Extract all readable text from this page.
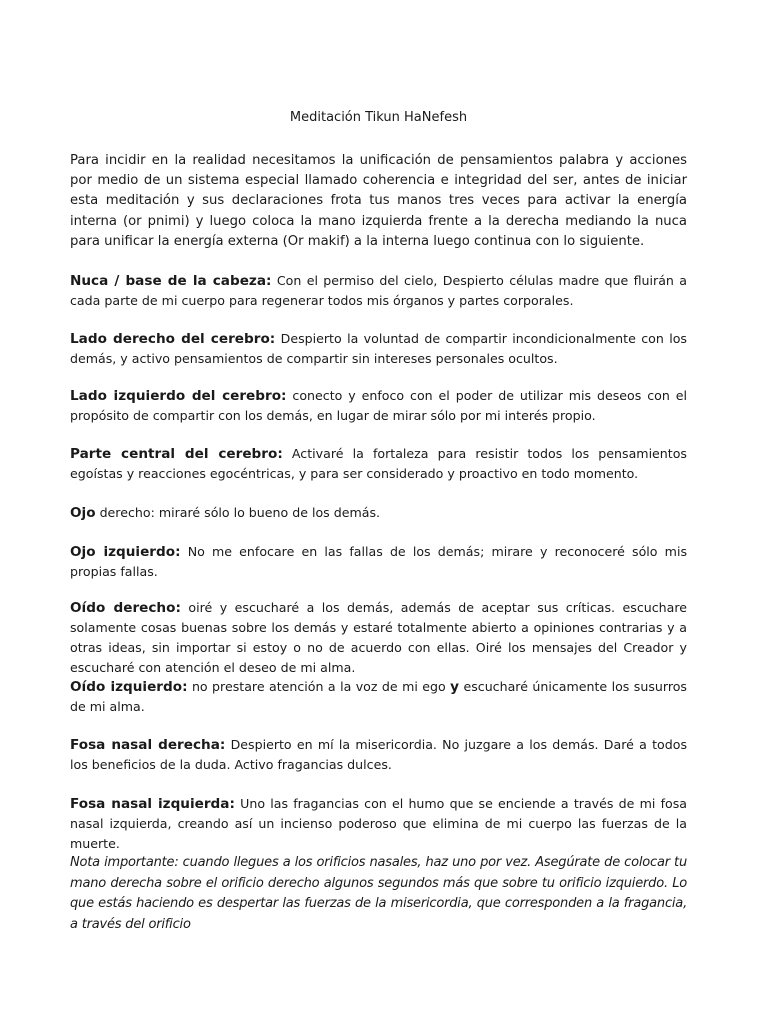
Meditación Tikun HaNefesh
Para incidir en la realidad necesitamos la unificación de pensamientos palabra y acciones por medio de un sistema especial llamado coherencia e integridad del ser, antes de iniciar esta meditación y sus declaraciones frota tus manos tres veces para activar la energía interna (or pnimi) y luego coloca la mano izquierda frente a la derecha mediando la nuca para unificar la energía externa (Or makif) a la interna luego continua con lo siguiente.
Nuca / base de la cabeza: Con el permiso del cielo, Despierto células madre que fluirán a cada parte de mi cuerpo para regenerar todos mis órganos y partes corporales.
Lado derecho del cerebro: Despierto la voluntad de compartir incondicionalmente con los demás, y activo pensamientos de compartir sin intereses personales ocultos.
Lado izquierdo del cerebro: conecto y enfoco con el poder de utilizar mis deseos con el propósito de compartir con los demás, en lugar de mirar sólo por mi interés propio.
Parte central del cerebro: Activaré la fortaleza para resistir todos los pensamientos egoístas y reacciones egocéntricas, y para ser considerado y proactivo en todo momento.
Ojo derecho: miraré sólo lo bueno de los demás.
Ojo izquierdo: No me enfocare en las fallas de los demás; mirare y reconoceré sólo mis propias fallas.
Oído derecho: oiré y escucharé a los demás, además de aceptar sus críticas. escuchare solamente cosas buenas sobre los demás y estaré totalmente abierto a opiniones contrarias y a otras ideas, sin importar si estoy o no de acuerdo con ellas. Oiré los mensajes del Creador y escucharé con atención el deseo de mi alma.
Oído izquierdo: no prestare atención a la voz de mi ego y escucharé únicamente los susurros de mi alma.
Fosa nasal derecha: Despierto en mí la misericordia. No juzgare a los demás. Daré a todos los beneficios de la duda. Activo fragancias dulces.
Fosa nasal izquierda: Uno las fragancias con el humo que se enciende a través de mi fosa nasal izquierda, creando así un incienso poderoso que elimina de mi cuerpo las fuerzas de la muerte.
Nota importante: cuando llegues a los orificios nasales, haz uno por vez. Asegúrate de colocar tu mano derecha sobre el orificio derecho algunos segundos más que sobre tu orificio izquierdo. Lo que estás haciendo es despertar las fuerzas de la misericordia, que corresponden a la fragancia, a través del orificio
